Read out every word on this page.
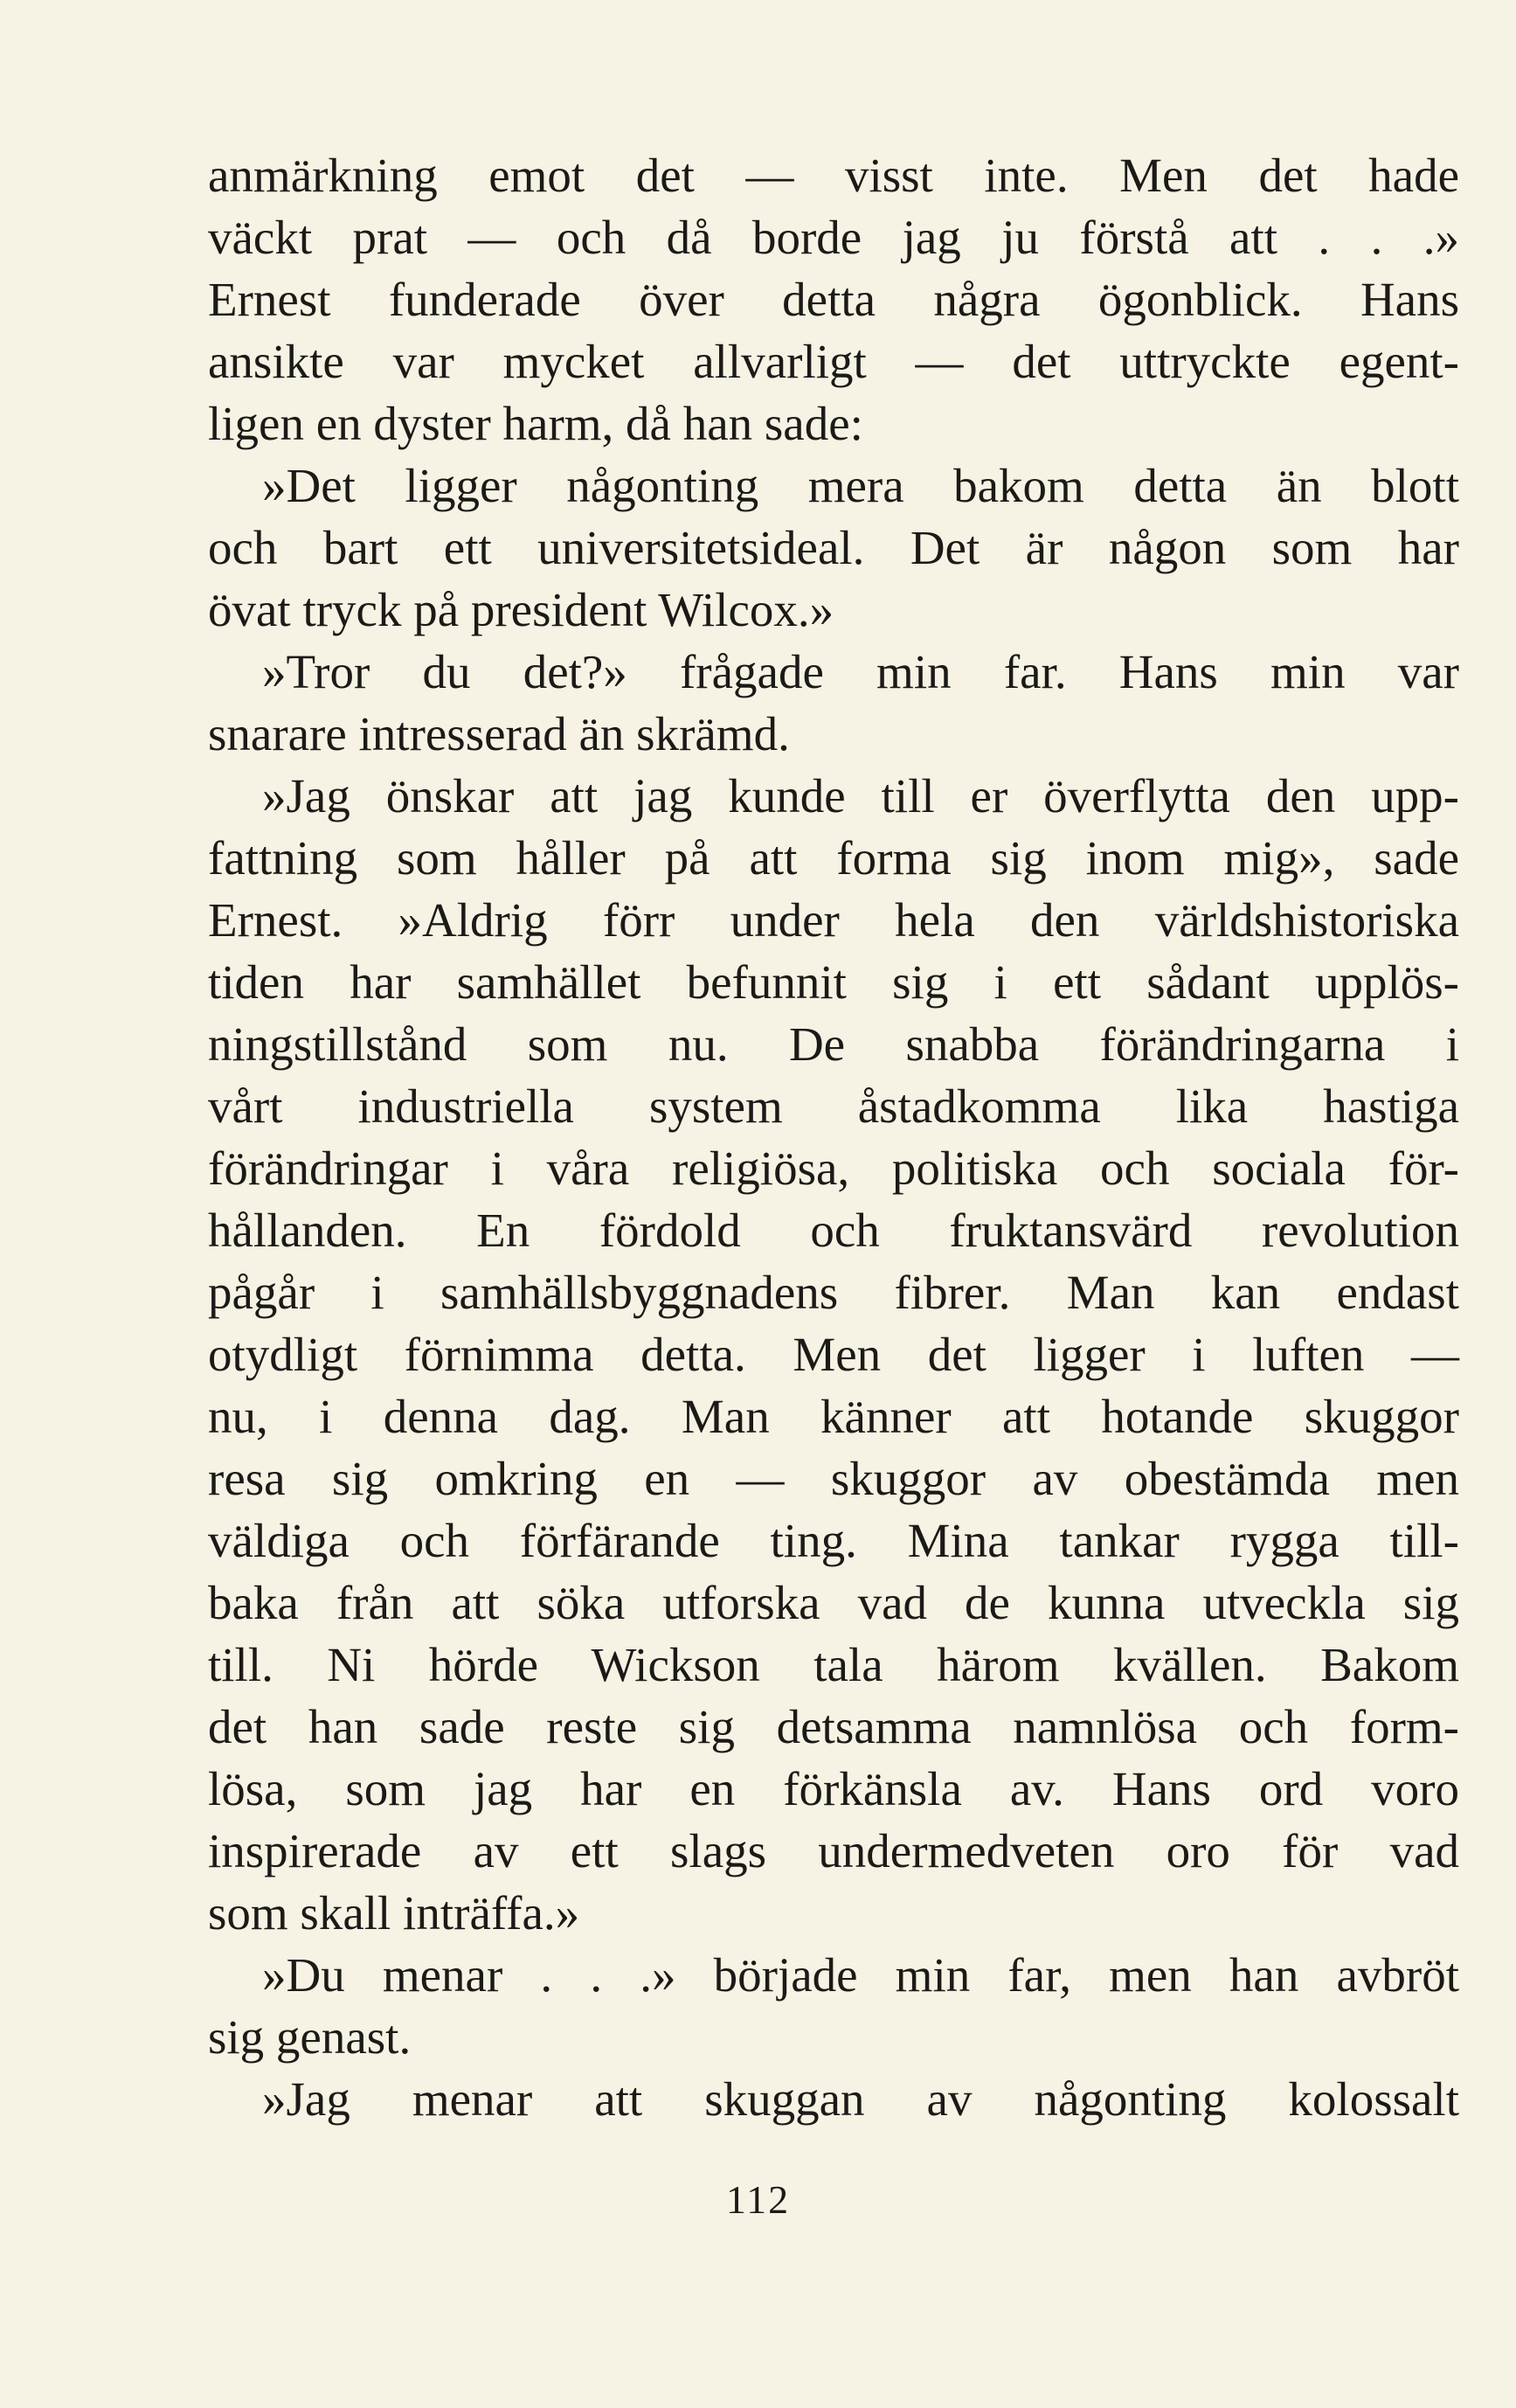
anmärkning emot det — visst inte. Men det hade
väckt prat — och då borde jag ju förstå att . . .»
Ernest funderade över detta några ögonblick. Hans
ansikte var mycket allvarligt — det uttryckte egent-
ligen en dyster harm, då han sade:
»Det ligger någonting mera bakom detta än blott
och bart ett universitetsideal. Det är någon som har
övat tryck på president Wilcox.»
»Tror du det?» frågade min far. Hans min var
snarare intresserad än skrämd.
»Jag önskar att jag kunde till er överflytta den upp-
fattning som håller på att forma sig inom mig», sade
Ernest. »Aldrig förr under hela den världshistoriska
tiden har samhället befunnit sig i ett sådant upplös-
ningstillstånd som nu. De snabba förändringarna i
vårt industriella system åstadkomma lika hastiga
förändringar i våra religiösa, politiska och sociala för-
hållanden. En fördold och fruktansvärd revolution
pågår i samhällsbyggnadens fibrer. Man kan endast
otydligt förnimma detta. Men det ligger i luften —
nu, i denna dag. Man känner att hotande skuggor
resa sig omkring en — skuggor av obestämda men
väldiga och förfärande ting. Mina tankar rygga till-
baka från att söka utforska vad de kunna utveckla sig
till. Ni hörde Wickson tala härom kvällen. Bakom
det han sade reste sig detsamma namnlösa och form-
lösa, som jag har en förkänsla av. Hans ord voro
inspirerade av ett slags undermedveten oro för vad
som skall inträffa.»
»Du menar . . .» började min far, men han avbröt
sig genast.
»Jag menar att skuggan av någonting kolossalt
112
